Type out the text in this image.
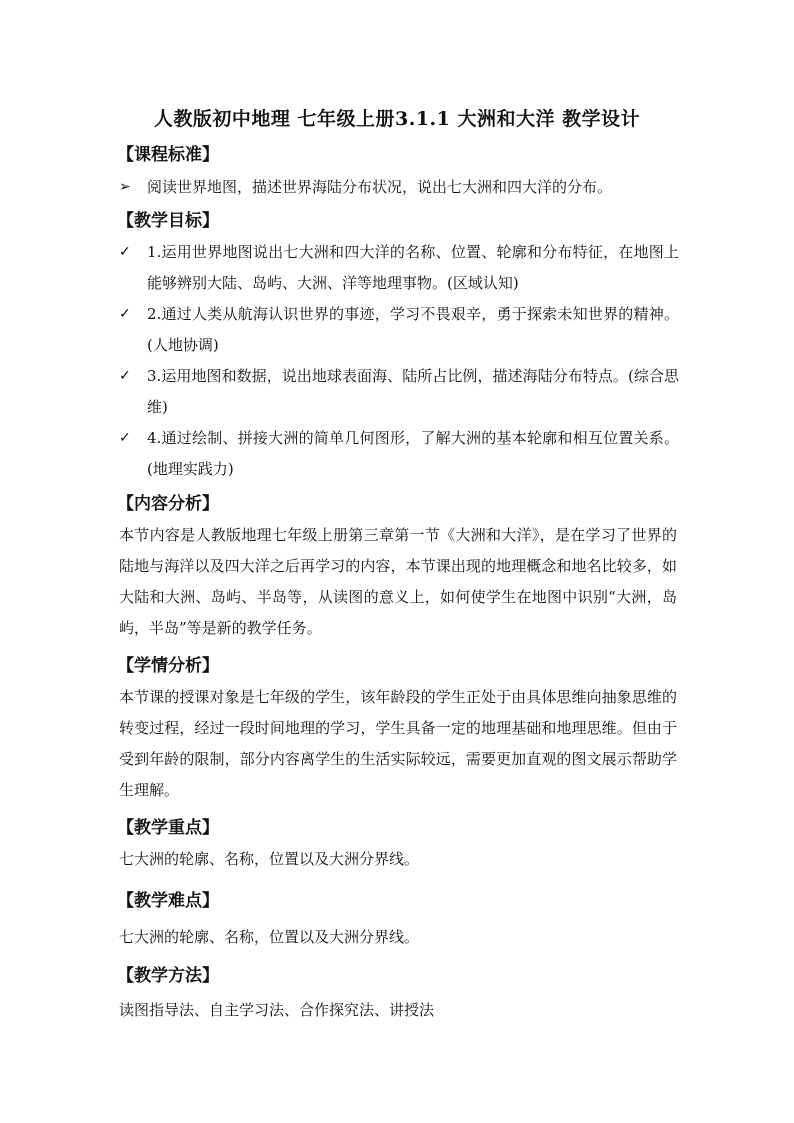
人教版初中地理 七年级上册3.1.1 大洲和大洋 教学设计
【课程标准】
➢	阅读世界地图，描述世界海陆分布状况，说出七大洲和四大洋的分布。
【教学目标】
✓	1.运用世界地图说出七大洲和四大洋的名称、位置、轮廓和分布特征，在地图上能够辨别大陆、岛屿、大洲、洋等地理事物。(区域认知)
✓	2.通过人类从航海认识世界的事迹，学习不畏艰辛，勇于探索未知世界的精神。(人地协调)
✓	3.运用地图和数据，说出地球表面海、陆所占比例，描述海陆分布特点。(综合思维)
✓	4.通过绘制、拼接大洲的简单几何图形，了解大洲的基本轮廓和相互位置关系。(地理实践力)
【内容分析】
本节内容是人教版地理七年级上册第三章第一节《大洲和大洋》，是在学习了世界的陆地与海洋以及四大洋之后再学习的内容，本节课出现的地理概念和地名比较多，如大陆和大洲、岛屿、半岛等，从读图的意义上，如何使学生在地图中识别“大洲，岛屿，半岛”等是新的教学任务。
【学情分析】
本节课的授课对象是七年级的学生，该年龄段的学生正处于由具体思维向抽象思维的转变过程，经过一段时间地理的学习，学生具备一定的地理基础和地理思维。但由于受到年龄的限制，部分内容离学生的生活实际较远，需要更加直观的图文展示帮助学生理解。
【教学重点】
七大洲的轮廓、名称，位置以及大洲分界线。
【教学难点】
七大洲的轮廓、名称，位置以及大洲分界线。
【教学方法】
读图指导法、自主学习法、合作探究法、讲授法
